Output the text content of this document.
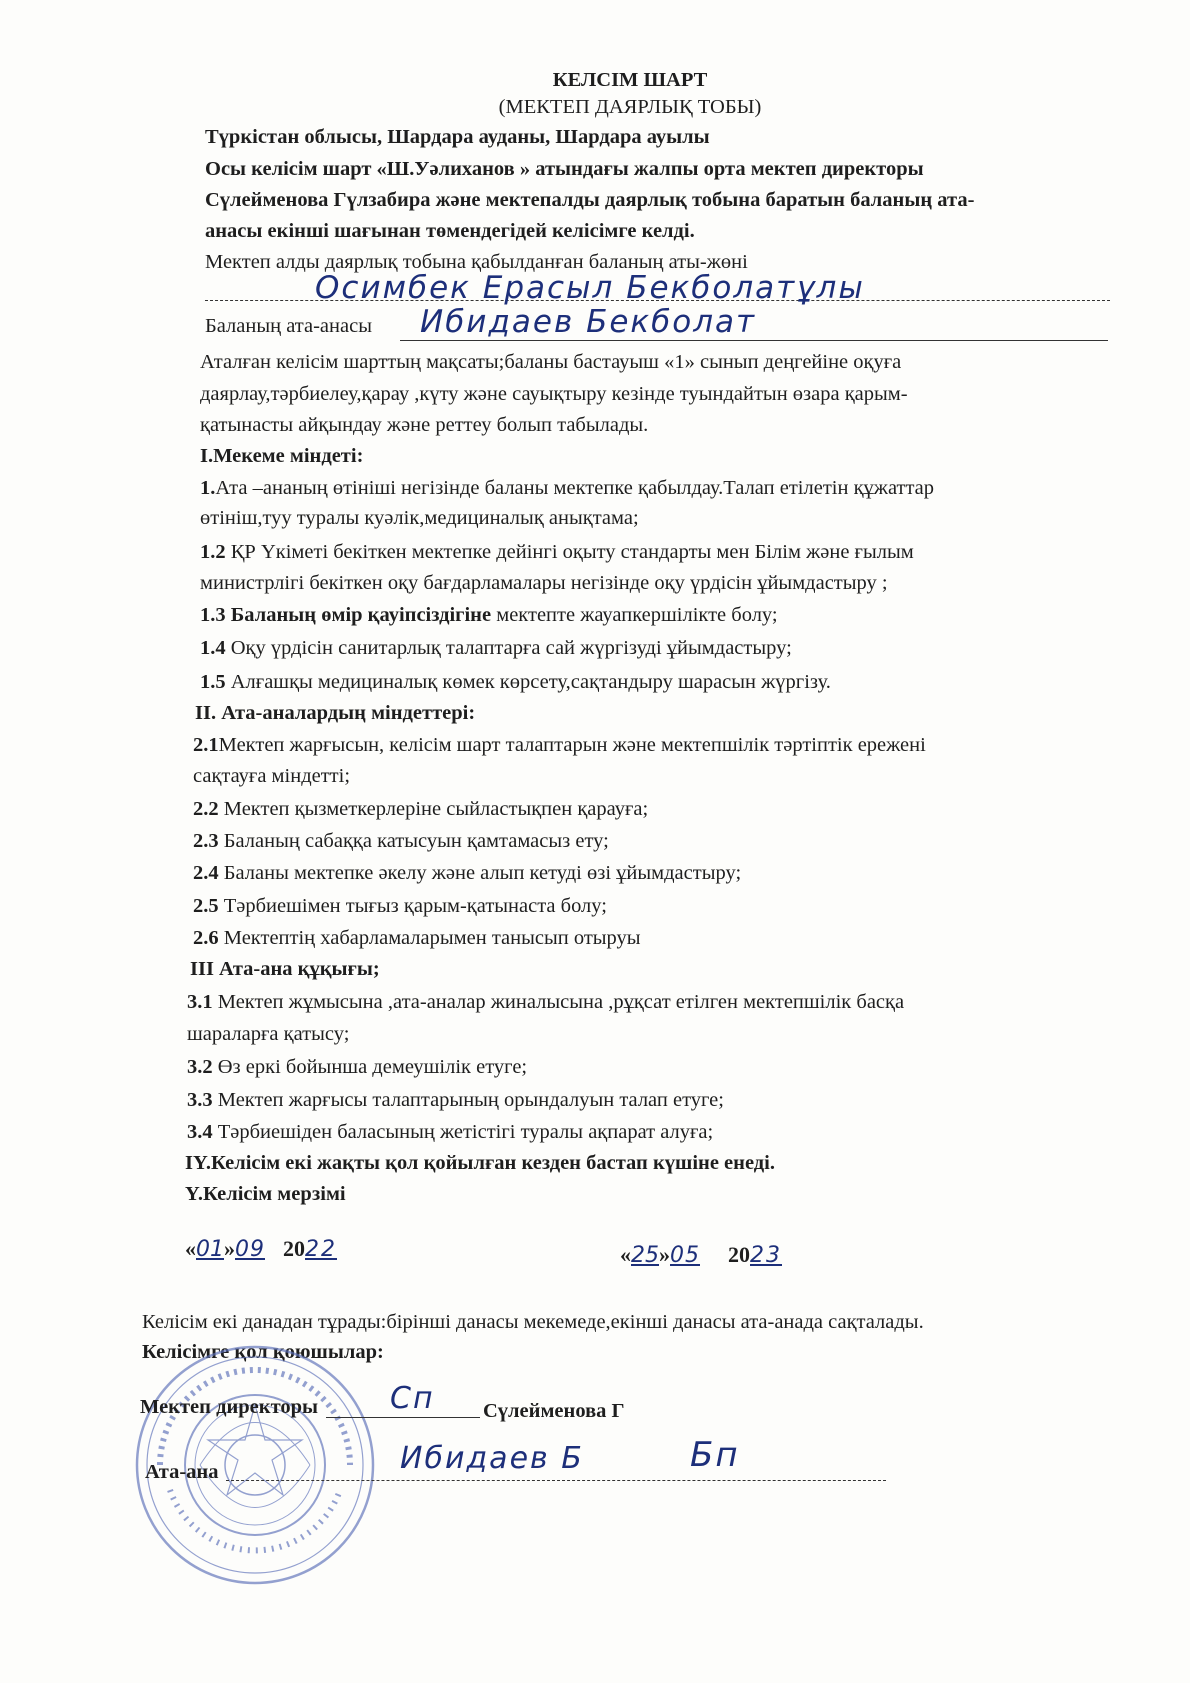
КЕЛСІМ ШАРТ
(МЕКТЕП ДАЯРЛЫҚ ТОБЫ)
Түркістан облысы, Шардара ауданы, Шардара ауылы
Осы келісім шарт «Ш.Уәлиханов » атындағы жалпы орта мектеп директоры
Сүлейменова Гүлзабира және мектепалды даярлық тобына баратын баланың ата-
анасы екінші шағынан төмендегідей келісімге келді.
Мектеп алды даярлық тобына қабылданған баланың аты-жөні
Осимбек Ерасыл Бекболатұлы
Баланың ата-анасы Ибидаев Бекболат
Аталған келісім шарттың мақсаты;баланы бастауыш «1» сынып деңгейіне оқуға
даярлау,тәрбиелеу,қарау ,күту және сауықтыру кезінде туындайтын өзара қарым-
қатынасты айқындау және реттеу болып табылады.
I.Мекеме міндеті:
1.Ата –ананың өтініші негізінде баланы мектепке қабылдау.Талап етілетін құжаттар
өтініш,туу туралы куәлік,медициналық анықтама;
1.2 ҚР Үкіметі бекіткен мектепке дейінгі оқыту стандарты мен Білім және ғылым
министрлігі бекіткен оқу бағдарламалары негізінде оқу үрдісін ұйымдастыру ;
1.3 Баланың өмір қауіпсіздігіне мектепте жауапкершілікте болу;
1.4 Оқу үрдісін санитарлық талаптарға сай жүргізуді ұйымдастыру;
1.5 Алғашқы медициналық көмек көрсету,сақтандыру шарасын жүргізу.
II. Ата-аналардың міндеттері:
2.1Мектеп жарғысын, келісім шарт талаптарын және мектепшілік тәртіптік ережені
сақтауға міндетті;
2.2 Мектеп қызметкерлеріне сыйластықпен қарауға;
2.3 Баланың сабаққа катысуын қамтамасыз ету;
2.4 Баланы мектепке әкелу және алып кетуді өзі ұйымдастыру;
2.5 Тәрбиешімен тығыз қарым-қатынаста болу;
2.6 Мектептің хабарламаларымен танысып отыруы
III Ата-ана құқығы;
3.1 Мектеп жұмысына ,ата-аналар жиналысына ,рұқсат етілген мектепшілік басқа
шараларға қатысу;
3.2 Өз еркі бойынша демеушілік етуге;
3.3 Мектеп жарғысы талаптарының орындалуын талап етуге;
3.4 Тәрбиешіден баласының жетістігі туралы ақпарат алуға;
IY.Келісім екі жақты қол қойылған кезден бастап күшіне енеді.
Y.Келісім мерзімі
«01»09 2022	«25»05 2023
Келісім екі данадан тұрады:бірінші данасы мекемеде,екінші данасы ата-анада сақталады.
Келісімге қол қоюшылар:
Мектеп директоры Сп Сүлейменова Г
Ата-ана	Ибидаев Б	Бп
